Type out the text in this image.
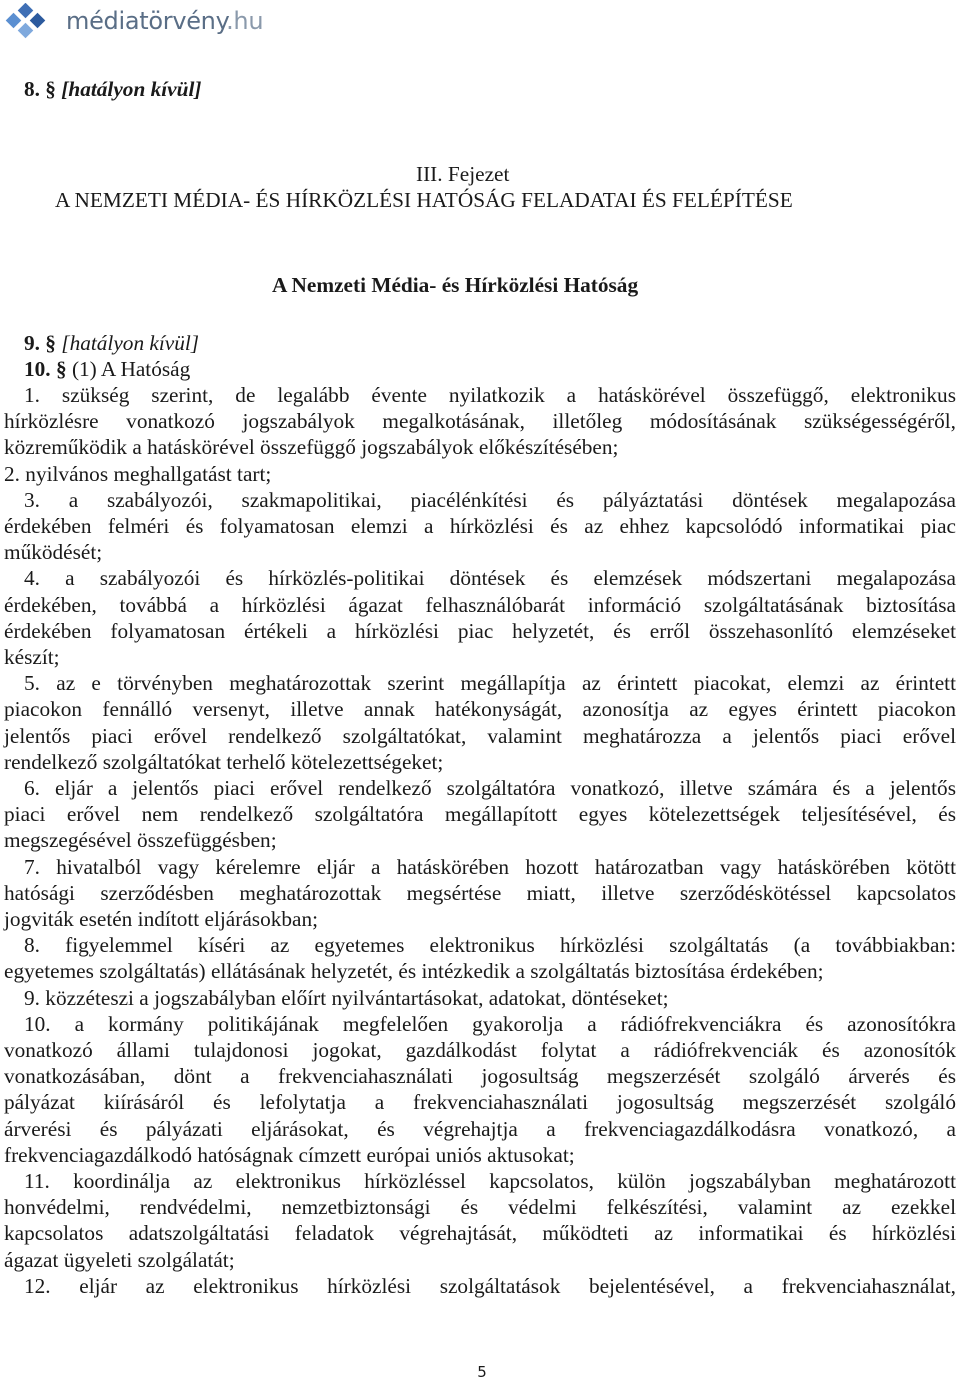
médiatörvény.hu
8. § [hatályon kívül]
III. Fejezet
A NEMZETI MÉDIA- ÉS HÍRKÖZLÉSI HATÓSÁG FELADATAI ÉS FELÉPÍTÉSE
A Nemzeti Média- és Hírközlési Hatóság
9. § [hatályon kívül]
10. § (1) A Hatóság
1. szükség szerint, de legalább évente nyilatkozik a hatáskörével összefüggő, elektronikus
hírközlésre vonatkozó jogszabályok megalkotásának, illetőleg módosításának szükségességéről,
közreműködik a hatáskörével összefüggő jogszabályok előkészítésében;
2. nyilvános meghallgatást tart;
3. a szabályozói, szakmapolitikai, piacélénkítési és pályáztatási döntések megalapozása
érdekében felméri és folyamatosan elemzi a hírközlési és az ehhez kapcsolódó informatikai piac
működését;
4. a szabályozói és hírközlés-politikai döntések és elemzések módszertani megalapozása
érdekében, továbbá a hírközlési ágazat felhasználóbarát információ szolgáltatásának biztosítása
érdekében folyamatosan értékeli a hírközlési piac helyzetét, és erről összehasonlító elemzéseket
készít;
5. az e törvényben meghatározottak szerint megállapítja az érintett piacokat, elemzi az érintett
piacokon fennálló versenyt, illetve annak hatékonyságát, azonosítja az egyes érintett piacokon
jelentős piaci erővel rendelkező szolgáltatókat, valamint meghatározza a jelentős piaci erővel
rendelkező szolgáltatókat terhelő kötelezettségeket;
6. eljár a jelentős piaci erővel rendelkező szolgáltatóra vonatkozó, illetve számára és a jelentős
piaci erővel nem rendelkező szolgáltatóra megállapított egyes kötelezettségek teljesítésével, és
megszegésével összefüggésben;
7. hivatalból vagy kérelemre eljár a hatáskörében hozott határozatban vagy hatáskörében kötött
hatósági szerződésben meghatározottak megsértése miatt, illetve szerződéskötéssel kapcsolatos
jogviták esetén indított eljárásokban;
8. figyelemmel kíséri az egyetemes elektronikus hírközlési szolgáltatás (a továbbiakban:
egyetemes szolgáltatás) ellátásának helyzetét, és intézkedik a szolgáltatás biztosítása érdekében;
9. közzéteszi a jogszabályban előírt nyilvántartásokat, adatokat, döntéseket;
10. a kormány politikájának megfelelően gyakorolja a rádiófrekvenciákra és azonosítókra
vonatkozó állami tulajdonosi jogokat, gazdálkodást folytat a rádiófrekvenciák és azonosítók
vonatkozásában, dönt a frekvenciahasználati jogosultság megszerzését szolgáló árverés és
pályázat kiírásáról és lefolytatja a frekvenciahasználati jogosultság megszerzését szolgáló
árverési és pályázati eljárásokat, és végrehajtja a frekvenciagazdálkodásra vonatkozó, a
frekvenciagazdálkodó hatóságnak címzett európai uniós aktusokat;
11. koordinálja az elektronikus hírközléssel kapcsolatos, külön jogszabályban meghatározott
honvédelmi, rendvédelmi, nemzetbiztonsági és védelmi felkészítési, valamint az ezekkel
kapcsolatos adatszolgáltatási feladatok végrehajtását, működteti az informatikai és hírközlési
ágazat ügyeleti szolgálatát;
12. eljár az elektronikus hírközlési szolgáltatások bejelentésével, a frekvenciahasználat,
5
